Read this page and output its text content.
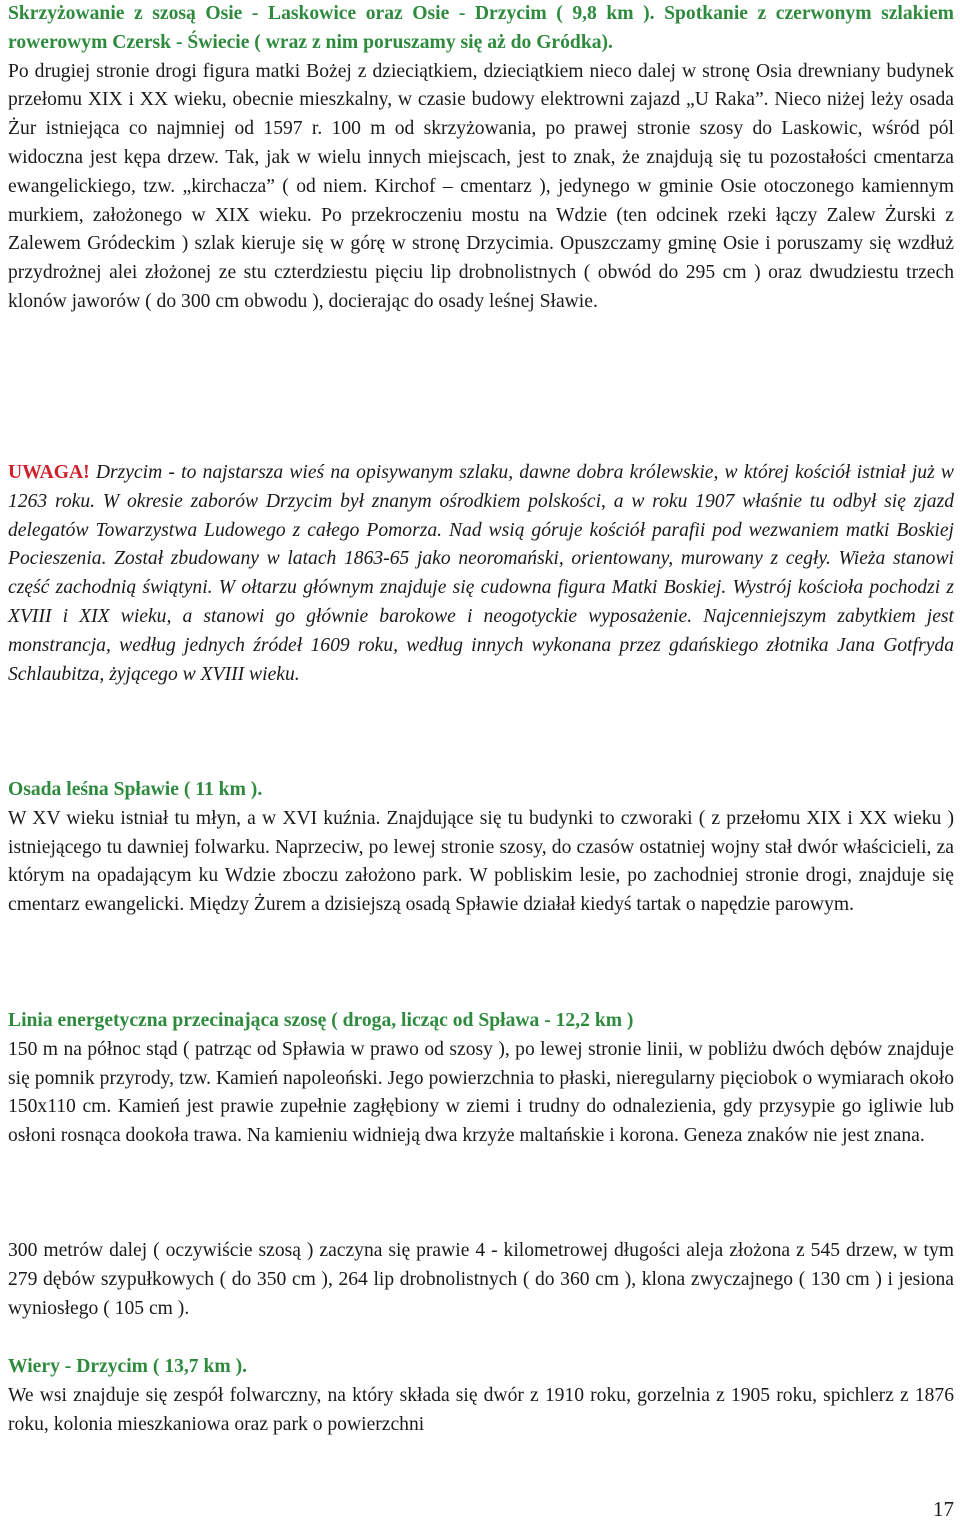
Skrzyżowanie z szosą Osie - Laskowice oraz Osie - Drzycim ( 9,8 km ). Spotkanie z czerwonym szlakiem rowerowym Czersk - Świecie ( wraz z nim poruszamy się aż do Gródka).

Po drugiej stronie drogi figura matki Bożej z dzieciątkiem, dzieciątkiem nieco dalej w stronę Osia drewniany budynek przełomu XIX i XX wieku, obecnie mieszkalny, w czasie budowy elektrowni zajazd „U Raka”. Nieco niżej leży osada Żur istniejąca co najmniej od 1597 r. 100 m od skrzyżowania, po prawej stronie szosy do Laskowic, wśród pól widoczna jest kępa drzew. Tak, jak w wielu innych miejscach, jest to znak, że znajdują się tu pozostałości cmentarza ewangelickiego, tzw. „kirchacza” ( od niem. Kirchof – cmentarz ), jedynego w gminie Osie otoczonego kamiennym murkiem, założonego w XIX wieku. Po przekroczeniu mostu na Wdzie (ten odcinek rzeki łączy Zalew Żurski z Zalewem Gródeckim ) szlak kieruje się w górę w stronę Drzycimia. Opuszczamy gminę Osie i poruszamy się wzdłuż przydrożnej alei złożonej ze stu czterdziestu pięciu lip drobnolistnych ( obwód do 295 cm ) oraz dwudziestu trzech klonów jaworów ( do 300 cm obwodu ), docierając do osady leśnej Sławie.

UWAGA! Drzycim - to najstarsza wieś na opisywanym szlaku, dawne dobra królewskie, w której kościół istniał już w 1263 roku. W okresie zaborów Drzycim był znanym ośrodkiem polskości, a w roku 1907 właśnie tu odbył się zjazd delegatów Towarzystwa Ludowego z całego Pomorza. Nad wsią góruje kościół parafii pod wezwaniem matki Boskiej Pocieszenia. Został zbudowany w latach 1863-65 jako neoromański, orientowany, murowany z cegły. Wieża stanowi część zachodnią świątyni. W ołtarzu głównym znajduje się cudowna figura Matki Boskiej. Wystrój kościoła pochodzi z XVIII i XIX wieku, a stanowi go głównie barokowe i neogotyckie wyposażenie. Najcenniejszym zabytkiem jest monstrancja, według jednych źródeł 1609 roku, według innych wykonana przez gdańskiego złotnika Jana Gotfryda Schlaubitza, żyjącego w XVIII wieku.

Osada leśna Spławie ( 11 km ).

W XV wieku istniał tu młyn, a w XVI kuźnia. Znajdujące się tu budynki to czworaki ( z przełomu XIX i XX wieku ) istniejącego tu dawniej folwarku. Naprzeciw, po lewej stronie szosy, do czasów ostatniej wojny stał dwór właścicieli, za którym na opadającym ku Wdzie zboczu założono park. W pobliskim lesie, po zachodniej stronie drogi, znajduje się cmentarz ewangelicki. Między Żurem a dzisiejszą osadą Spławie działał kiedyś tartak o napędzie parowym.

Linia energetyczna przecinająca szosę ( droga, licząc od Spława - 12,2 km )

150 m na północ stąd ( patrząc od Spławia w prawo od szosy ), po lewej stronie linii, w pobliżu dwóch dębów znajduje się pomnik przyrody, tzw. Kamień napoleoński. Jego powierzchnia to płaski, nieregularny pięciobok o wymiarach około 150x110 cm. Kamień jest prawie zupełnie zagłębiony w ziemi i trudny do odnalezienia, gdy przysypie go igliwie lub osłoni rosnąca dookoła trawa. Na kamieniu widnieją dwa krzyże maltańskie i korona. Geneza znaków nie jest znana.

300 metrów dalej ( oczywiście szosą ) zaczyna się prawie 4 - kilometrowej długości aleja złożona z 545 drzew, w tym 279 dębów szypułkowych ( do 350 cm ), 264 lip drobnolistnych ( do 360 cm ), klona zwyczajnego ( 130 cm ) i jesiona wyniosłego ( 105 cm ).

Wiery - Drzycim ( 13,7 km ).

We wsi znajduje się zespół folwarczny, na który składa się dwór z 1910 roku, gorzelnia z 1905 roku, spichlerz z 1876 roku, kolonia mieszkaniowa oraz park o powierzchni

17
